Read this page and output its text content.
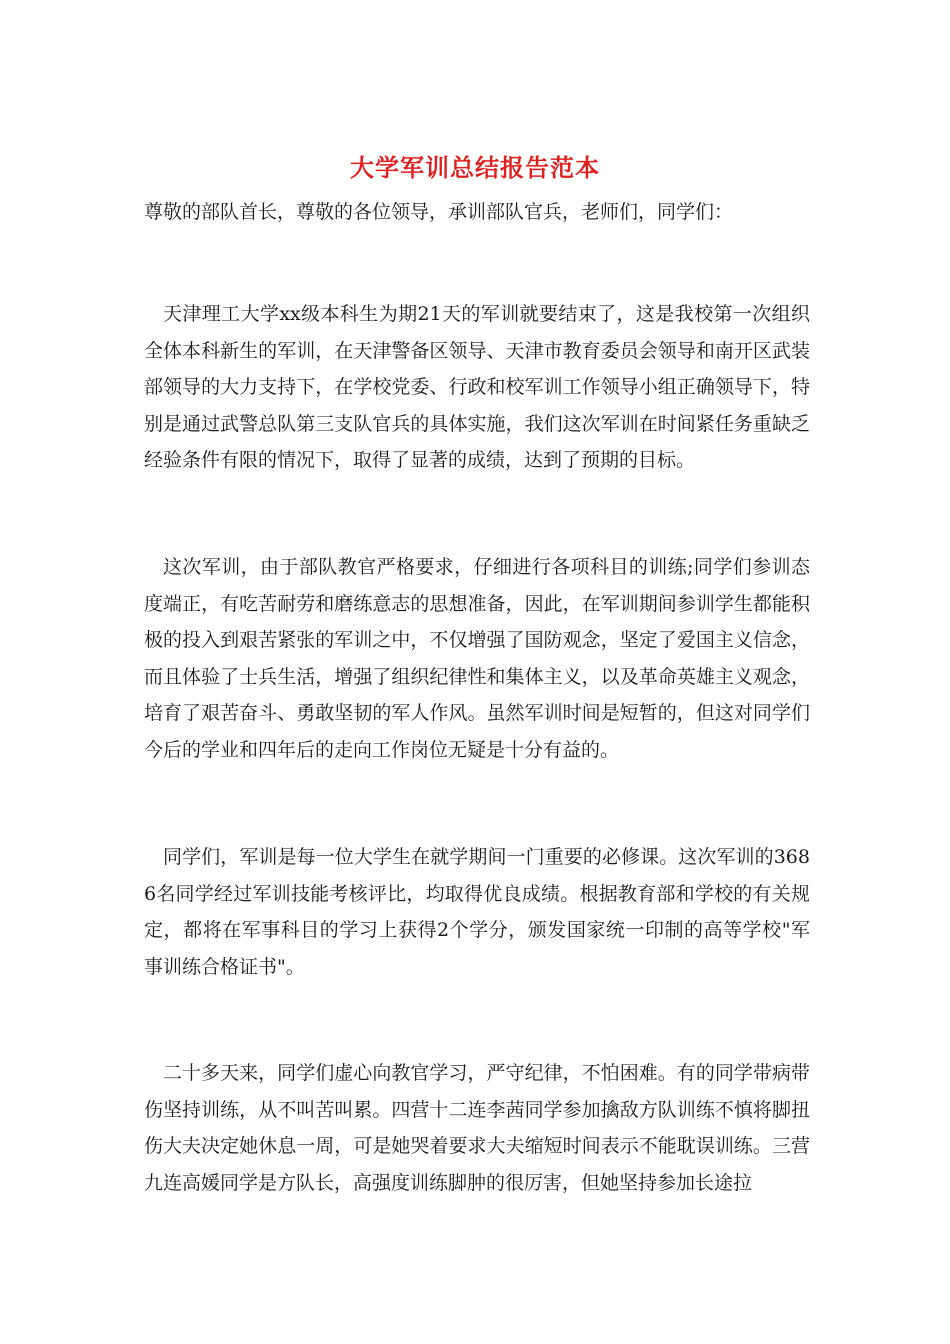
大学军训总结报告范本
尊敬的部队首长，尊敬的各位领导，承训部队官兵，老师们，同学们：

天津理工大学xx级本科生为期21天的军训就要结束了，这是我校第一次组织全体本科新生的军训，在天津警备区领导、天津市教育委员会领导和南开区武装部领导的大力支持下，在学校党委、行政和校军训工作领导小组正确领导下，特别是通过武警总队第三支队官兵的具体实施，我们这次军训在时间紧任务重缺乏经验条件有限的情况下，取得了显著的成绩，达到了预期的目标。

这次军训，由于部队教官严格要求，仔细进行各项科目的训练;同学们参训态度端正，有吃苦耐劳和磨练意志的思想准备，因此，在军训期间参训学生都能积极的投入到艰苦紧张的军训之中，不仅增强了国防观念，坚定了爱国主义信念，而且体验了士兵生活，增强了组织纪律性和集体主义，以及革命英雄主义观念，培育了艰苦奋斗、勇敢坚韧的军人作风。虽然军训时间是短暂的，但这对同学们今后的学业和四年后的走向工作岗位无疑是十分有益的。

同学们，军训是每一位大学生在就学期间一门重要的必修课。这次军训的3686名同学经过军训技能考核评比，均取得优良成绩。根据教育部和学校的有关规定，都将在军事科目的学习上获得2个学分，颁发国家统一印制的高等学校"军事训练合格证书"。

二十多天来，同学们虚心向教官学习，严守纪律，不怕困难。有的同学带病带伤坚持训练，从不叫苦叫累。四营十二连李茜同学参加擒敌方队训练不慎将脚扭伤大夫决定她休息一周，可是她哭着要求大夫缩短时间表示不能耽误训练。三营九连高媛同学是方队长，高强度训练脚肿的很厉害，但她坚持参加长途拉
